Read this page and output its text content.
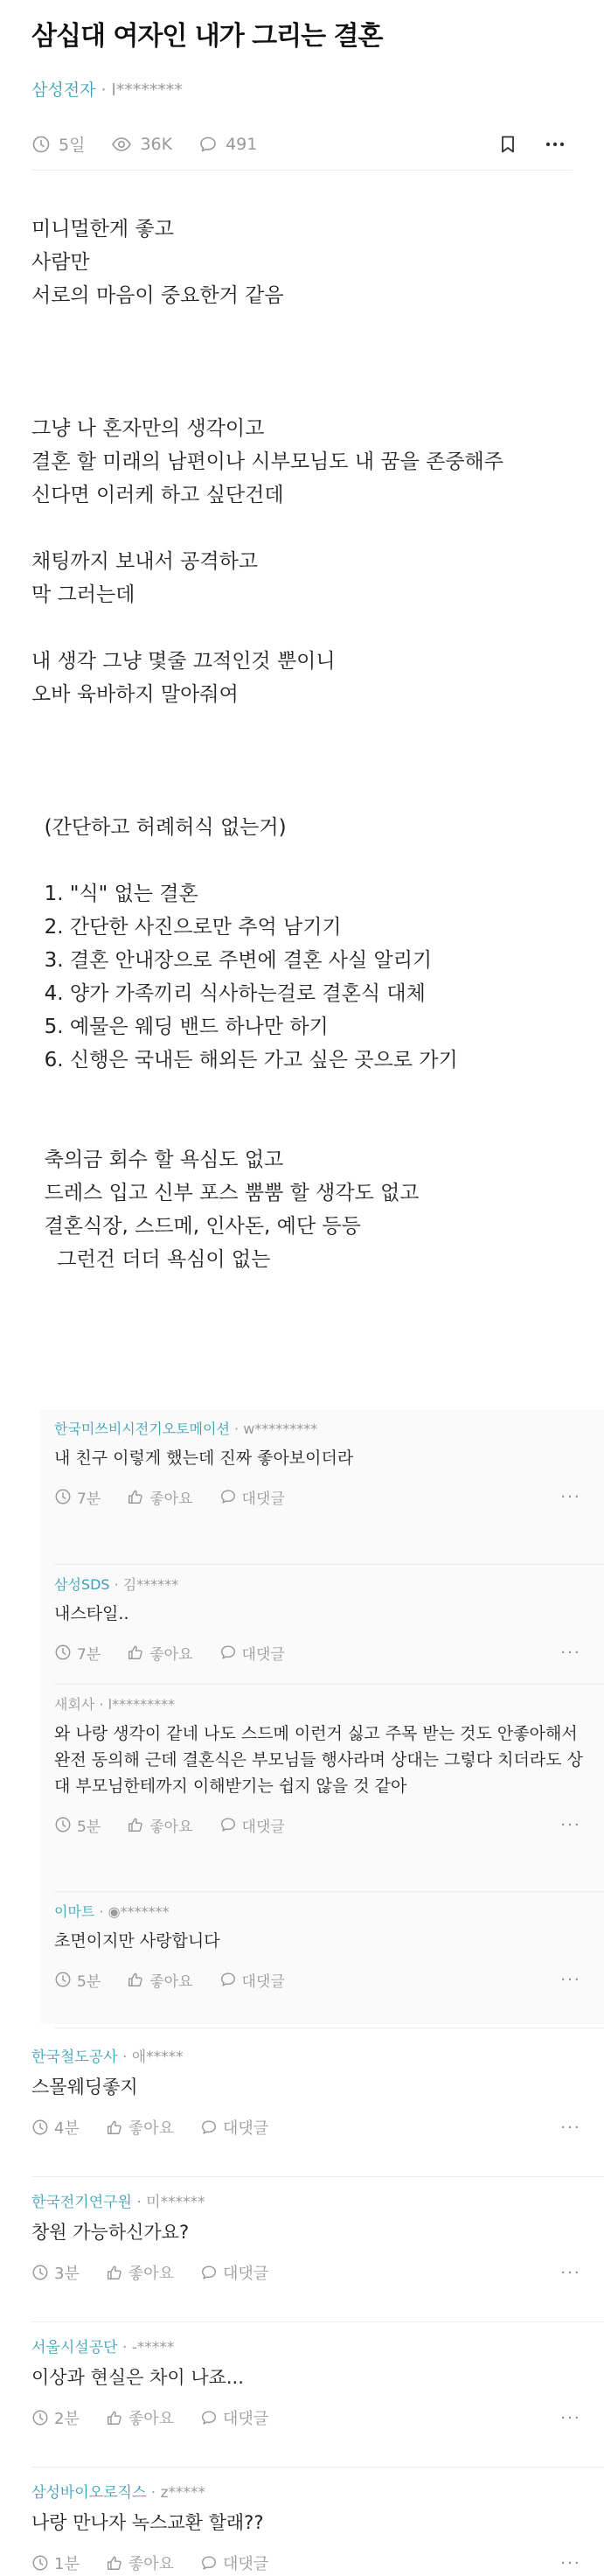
삼십대 여자인 내가 그리는 결혼
삼성전자 · l********
5일	36K	491
미니멀한게 좋고
사람만
서로의 마음이 중요한거 같음
그냥 나 혼자만의 생각이고
결혼 할 미래의 남편이나 시부모님도 내 꿈을 존중해주
신다면 이러케 하고 싶단건데
채팅까지 보내서 공격하고
막 그러는데
내 생각 그냥 몇줄 끄적인것 뿐이니
오바 육바하지 말아줘여
(간단하고 허례허식 없는거)
1. "식" 없는 결혼
2. 간단한 사진으로만 추억 남기기
3. 결혼 안내장으로 주변에 결혼 사실 알리기
4. 양가 가족끼리 식사하는걸로 결혼식 대체
5. 예물은 웨딩 밴드 하나만 하기
6. 신행은 국내든 해외든 가고 싶은 곳으로 가기
축의금 회수 할 욕심도 없고
드레스 입고 신부 포스 뿜뿜 할 생각도 없고
결혼식장, 스드메, 인사돈, 예단 등등
그런건 더더 욕심이 없는
한국미쓰비시전기오토메이션 · w*********
내 친구 이렇게 했는데 진짜 좋아보이더라
7분	좋아요	대댓글	···
삼성SDS · 김******
내스타일..
7분	좋아요	대댓글	···
새회사 · l*********
와 나랑 생각이 같네 나도 스드메 이런거 싫고 주목 받는 것도 안좋아해서 완전 동의해 근데 결혼식은 부모님들 행사라며 상대는 그렇다 치더라도 상대 부모님한테까지 이해받기는 쉽지 않을 것 같아
5분	좋아요	대댓글	···
이마트 · ◉*******
초면이지만 사랑합니다
5분	좋아요	대댓글	···
한국철도공사 · 애*****
스몰웨딩좋지
4분	좋아요	대댓글	···
한국전기연구원 · 미******
창원 가능하신가요?
3분	좋아요	대댓글	···
서울시설공단 · -*****
이상과 현실은 차이 나죠...
2분	좋아요	대댓글	···
삼성바이오로직스 · z*****
나랑 만나자 녹스교환 할래??
1분	좋아요	대댓글	···
